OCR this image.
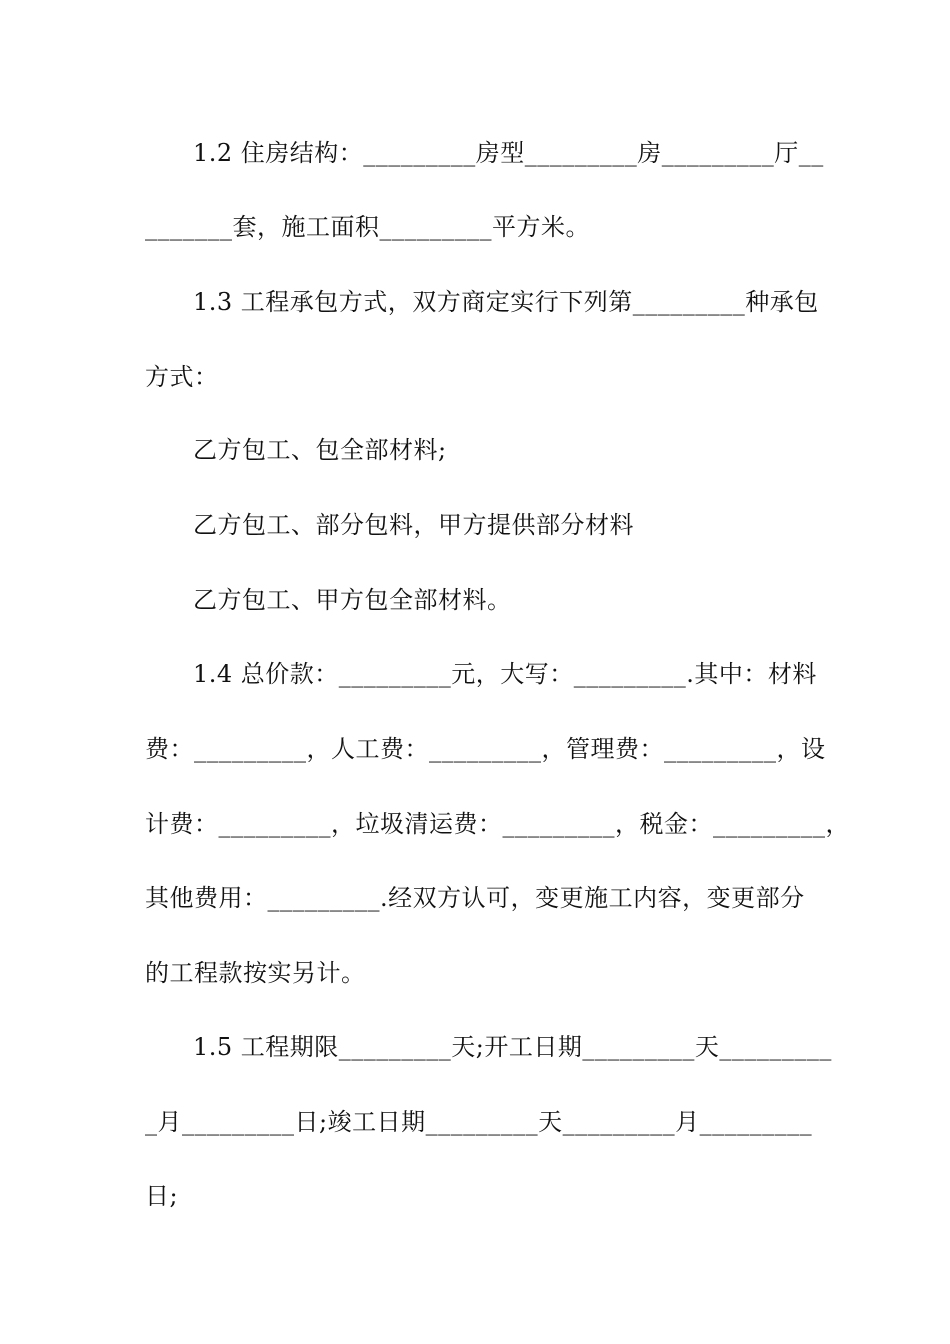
1.2 住房结构：_________房型_________房_________厅__
_______套，施工面积_________平方米。
1.3 工程承包方式，双方商定实行下列第_________种承包
方式：
乙方包工、包全部材料;
乙方包工、部分包料，甲方提供部分材料
乙方包工、甲方包全部材料。
1.4 总价款：_________元，大写：_________.其中：材料
费：_________，人工费：_________，管理费：_________，设
计费：_________，垃圾清运费：_________，税金：_________，
其他费用：_________.经双方认可，变更施工内容，变更部分
的工程款按实另计。
1.5 工程期限_________天;开工日期_________天_________
_月_________日;竣工日期_________天_________月_________
日;
